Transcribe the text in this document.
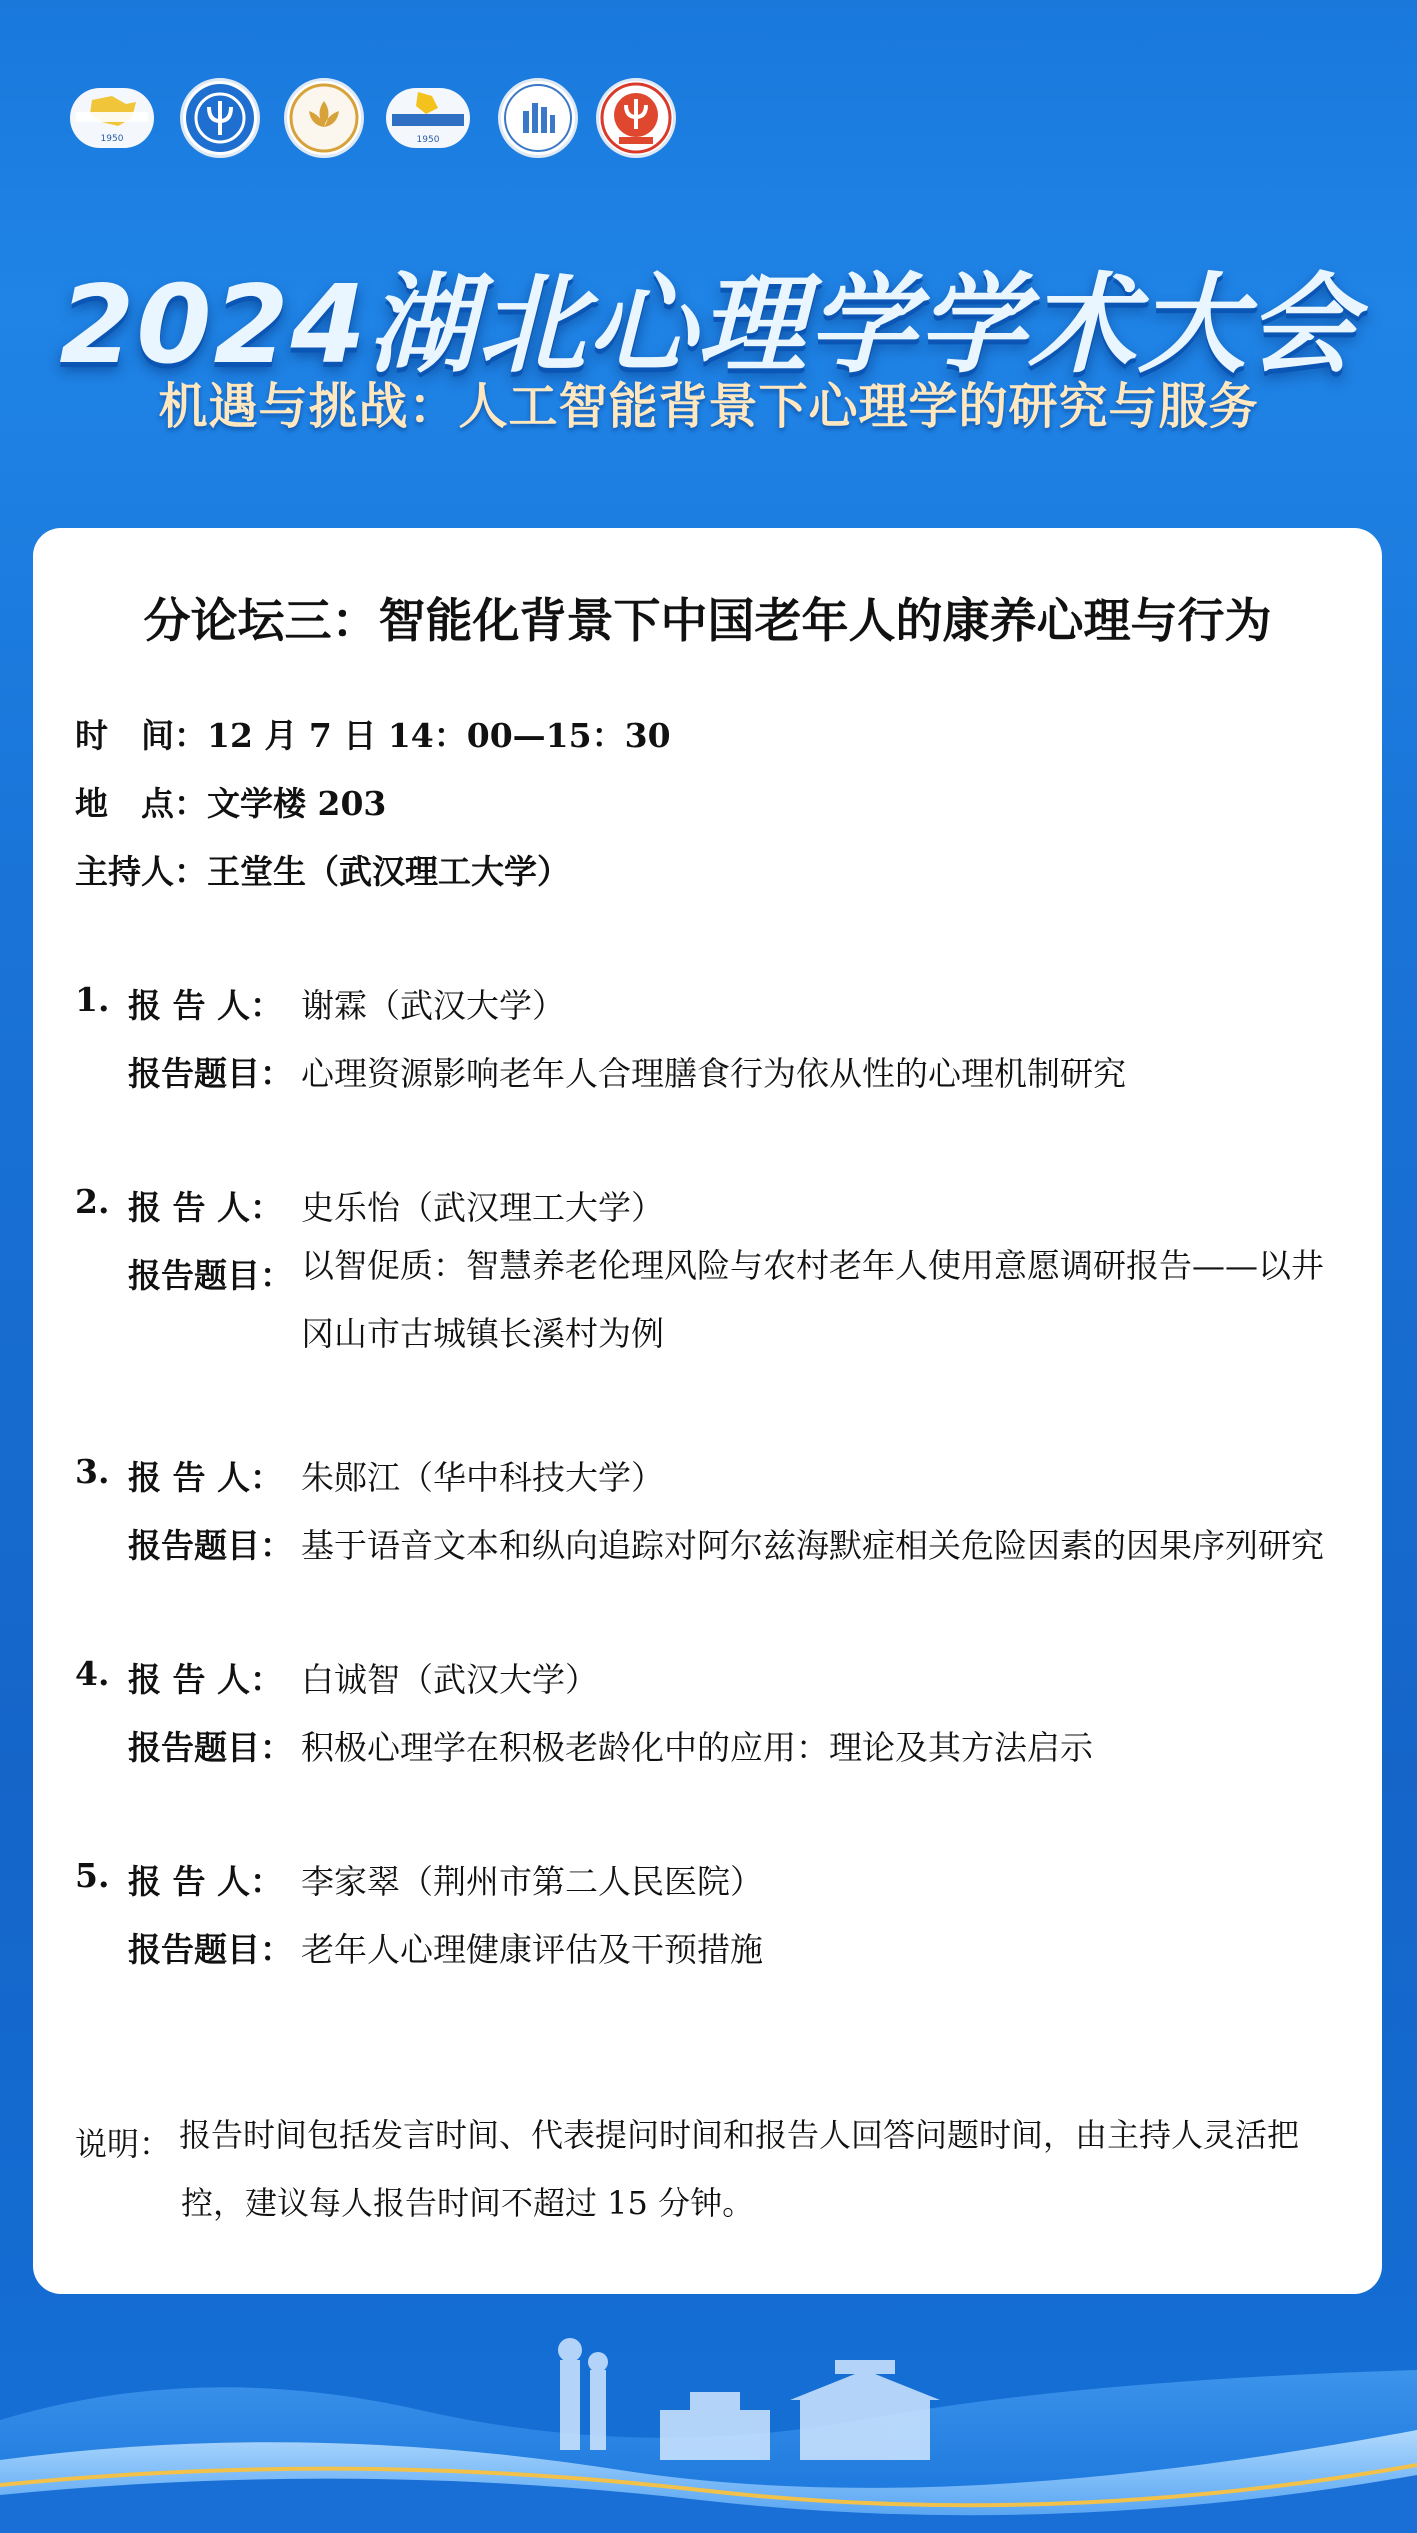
1950	1950
2024湖北心理学学术大会
机遇与挑战：人工智能背景下心理学的研究与服务
分论坛三：智能化背景下中国老年人的康养心理与行为
时　间：12 月 7 日 14：00—15：30
地　点：文学楼 203
主持人：王堂生（武汉理工大学）
1. 报 告 人： 谢霖（武汉大学）
报告题目： 心理资源影响老年人合理膳食行为依从性的心理机制研究
2. 报 告 人： 史乐怡（武汉理工大学）
报告题目： 以智促质：智慧养老伦理风险与农村老年人使用意愿调研报告——以井冈山市古城镇长溪村为例
3. 报 告 人： 朱郧江（华中科技大学）
报告题目： 基于语音文本和纵向追踪对阿尔兹海默症相关危险因素的因果序列研究
4. 报 告 人： 白诚智（武汉大学）
报告题目： 积极心理学在积极老龄化中的应用：理论及其方法启示
5. 报 告 人： 李家翠（荆州市第二人民医院）
报告题目： 老年人心理健康评估及干预措施
说明： 报告时间包括发言时间、代表提问时间和报告人回答问题时间，由主持人灵活把控，建议每人报告时间不超过 15 分钟。
